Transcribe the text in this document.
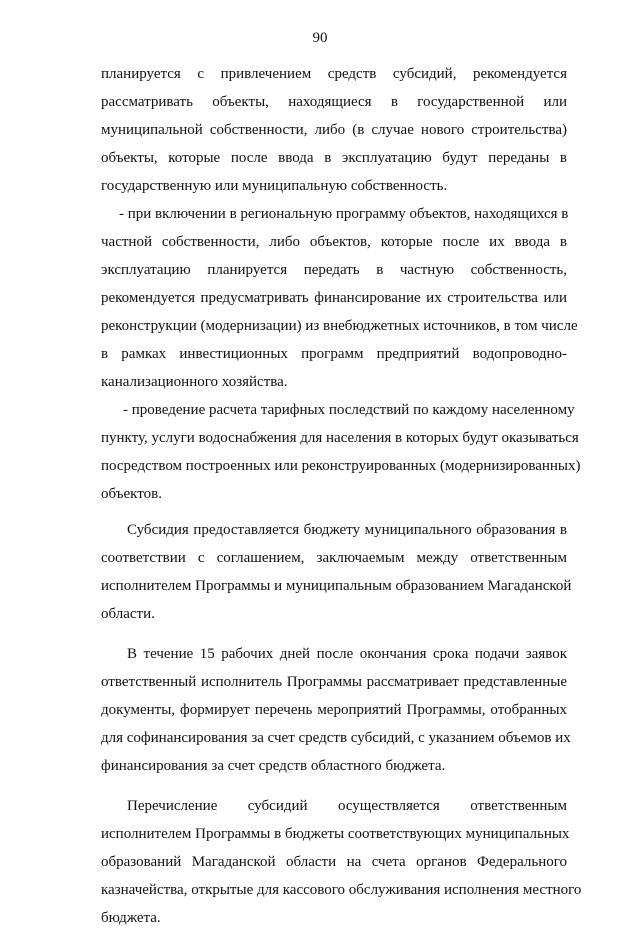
90
планируется с привлечением средств субсидий, рекомендуется
рассматривать объекты, находящиеся в государственной или
муниципальной собственности, либо (в случае нового строительства)
объекты, которые после ввода в эксплуатацию будут переданы в
государственную или муниципальную собственность.
- при включении в региональную программу объектов, находящихся в
частной собственности, либо объектов, которые после их ввода в
эксплуатацию планируется передать в частную собственность,
рекомендуется предусматривать финансирование их строительства или
реконструкции (модернизации) из внебюджетных источников, в том числе
в рамках инвестиционных программ предприятий водопроводно-
канализационного хозяйства.
- проведение расчета тарифных последствий по каждому населенному
пункту, услуги водоснабжения для населения в которых будут оказываться
посредством построенных или реконструированных (модернизированных)
объектов.
Субсидия предоставляется бюджету муниципального образования в
соответствии с соглашением, заключаемым между ответственным
исполнителем Программы и муниципальным образованием Магаданской
области.
В течение 15 рабочих дней после окончания срока подачи заявок
ответственный исполнитель Программы рассматривает представленные
документы, формирует перечень мероприятий Программы, отобранных
для софинансирования за счет средств субсидий, с указанием объемов их
финансирования за счет средств областного бюджета.
Перечисление субсидий осуществляется ответственным
исполнителем Программы в бюджеты соответствующих муниципальных
образований Магаданской области на счета органов Федерального
казначейства, открытые для кассового обслуживания исполнения местного
бюджета.
